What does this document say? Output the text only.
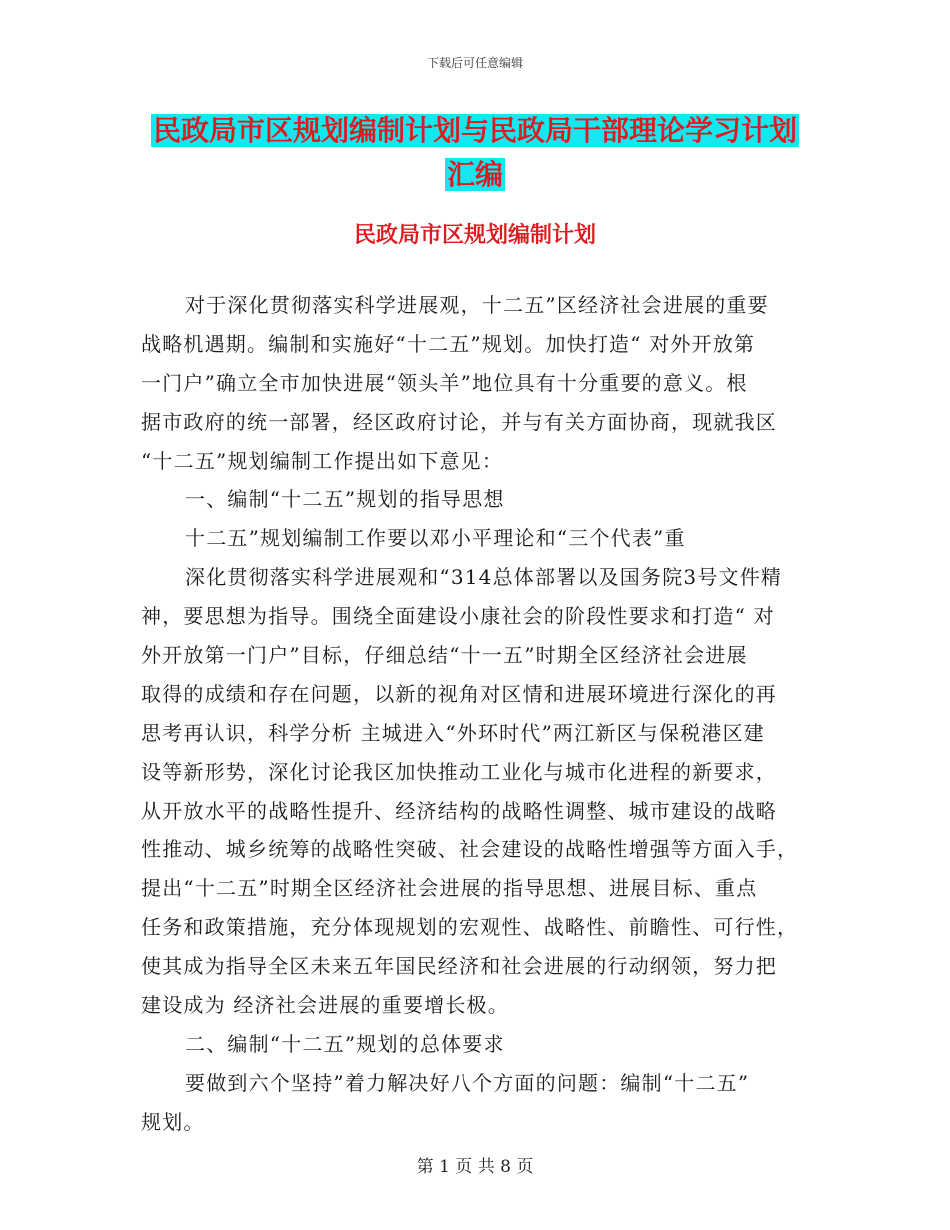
下载后可任意编辑
民政局市区规划编制计划与民政局干部理论学习计划
汇编
民政局市区规划编制计划
对于深化贯彻落实科学进展观，十二五”区经济社会进展的重要
战略机遇期。编制和实施好“十二五”规划。加快打造“ 对外开放第
一门户”确立全市加快进展“领头羊”地位具有十分重要的意义。根
据市政府的统一部署，经区政府讨论，并与有关方面协商，现就我区
“十二五”规划编制工作提出如下意见：
一、编制“十二五”规划的指导思想
十二五”规划编制工作要以邓小平理论和“三个代表”重
深化贯彻落实科学进展观和“314总体部署以及国务院3号文件精
神，要思想为指导。围绕全面建设小康社会的阶段性要求和打造“ 对
外开放第一门户”目标，仔细总结“十一五”时期全区经济社会进展
取得的成绩和存在问题，以新的视角对区情和进展环境进行深化的再
思考再认识，科学分析 主城进入“外环时代”两江新区与保税港区建
设等新形势，深化讨论我区加快推动工业化与城市化进程的新要求，
从开放水平的战略性提升、经济结构的战略性调整、城市建设的战略
性推动、城乡统筹的战略性突破、社会建设的战略性增强等方面入手，
提出“十二五”时期全区经济社会进展的指导思想、进展目标、重点
任务和政策措施，充分体现规划的宏观性、战略性、前瞻性、可行性，
使其成为指导全区未来五年国民经济和社会进展的行动纲领，努力把
建设成为 经济社会进展的重要增长极。
二、编制“十二五”规划的总体要求
要做到六个坚持”着力解决好八个方面的问题：编制“十二五”
规划。
第 1 页 共 8 页
